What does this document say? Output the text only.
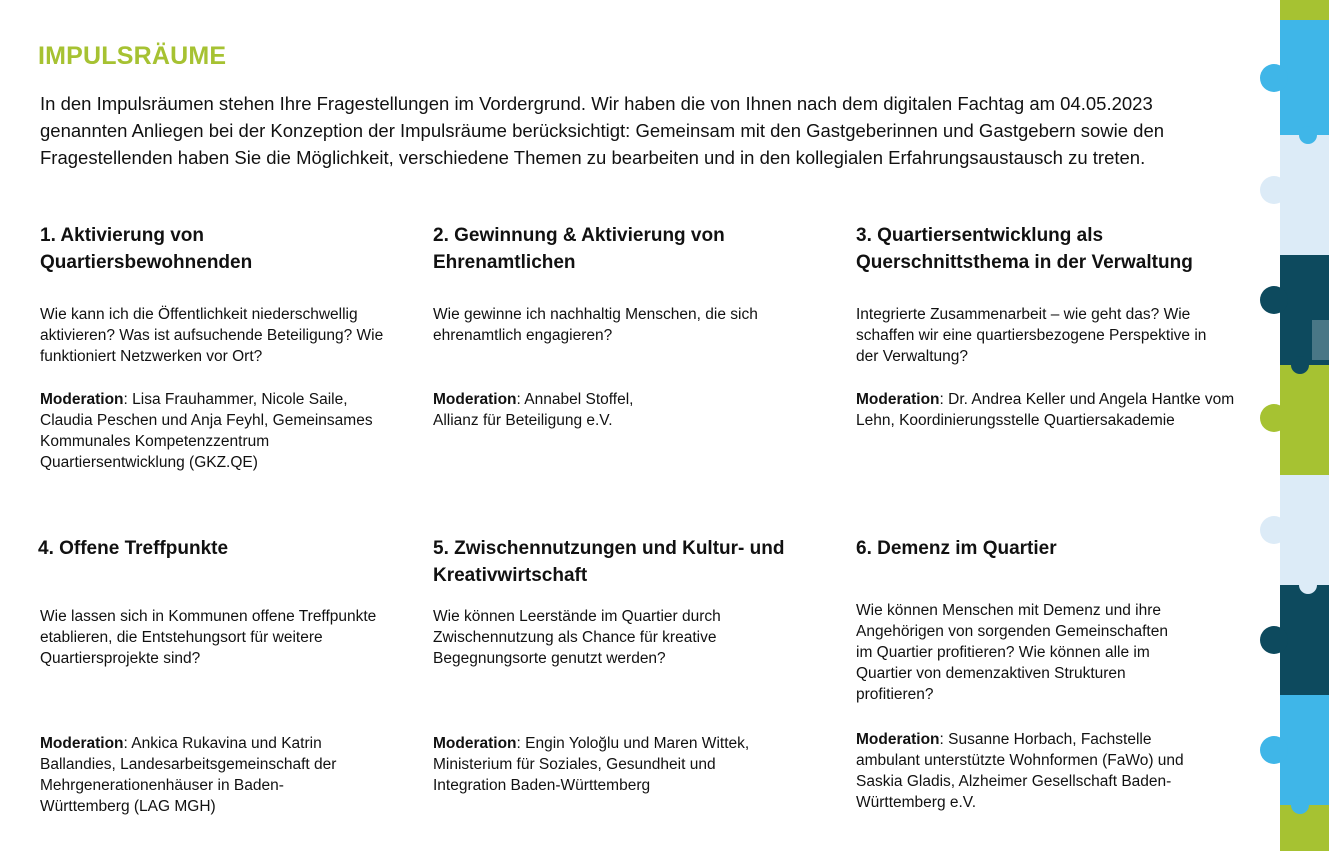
IMPULSRÄUME
In den Impulsräumen stehen Ihre Fragestellungen im Vordergrund. Wir haben die von Ihnen nach dem digitalen Fachtag am 04.05.2023 genannten Anliegen bei der Konzeption der Impulsräume berücksichtigt: Gemeinsam mit den Gastgeberinnen und Gastgebern sowie den Fragestellenden haben Sie die Möglichkeit, verschiedene Themen zu bearbeiten und in den kollegialen Erfahrungsaustausch zu treten.
1. Aktivierung von Quartiersbewohnenden
Wie kann ich die Öffentlichkeit niederschwellig aktivieren? Was ist aufsuchende Beteiligung? Wie funktioniert Netzwerken vor Ort?
Moderation: Lisa Frauhammer, Nicole Saile, Claudia Peschen und Anja Feyhl, Gemeinsames Kommunales Kompetenzzentrum Quartiersentwicklung (GKZ.QE)
2. Gewinnung & Aktivierung von Ehrenamtlichen
Wie gewinne ich nachhaltig Menschen, die sich ehrenamtlich engagieren?
Moderation: Annabel Stoffel, Allianz für Beteiligung e.V.
3. Quartiersentwicklung als Querschnittsthema in der Verwaltung
Integrierte Zusammenarbeit – wie geht das? Wie schaffen wir eine quartiersbezogene Perspektive in der Verwaltung?
Moderation: Dr. Andrea Keller und Angela Hantke vom Lehn, Koordinierungsstelle Quartiersakademie
4. Offene Treffpunkte
Wie lassen sich in Kommunen offene Treffpunkte etablieren, die Entstehungsort für weitere Quartiersprojekte sind?
Moderation: Ankica Rukavina und Katrin Ballandies, Landesarbeitsgemeinschaft der Mehrgenerationenhäuser in Baden-Württemberg (LAG MGH)
5. Zwischennutzungen und Kultur- und Kreativwirtschaft
Wie können Leerstände im Quartier durch Zwischennutzung als Chance für kreative Begegnungsorte genutzt werden?
Moderation: Engin Yoloğlu und Maren Wittek, Ministerium für Soziales, Gesundheit und Integration Baden-Württemberg
6. Demenz im Quartier
Wie können Menschen mit Demenz und ihre Angehörigen von sorgenden Gemeinschaften im Quartier profitieren? Wie können alle im Quartier von demenzaktiven Strukturen profitieren?
Moderation: Susanne Horbach, Fachstelle ambulant unterstützte Wohnformen (FaWo) und Saskia Gladis, Alzheimer Gesellschaft Baden-Württemberg e.V.
